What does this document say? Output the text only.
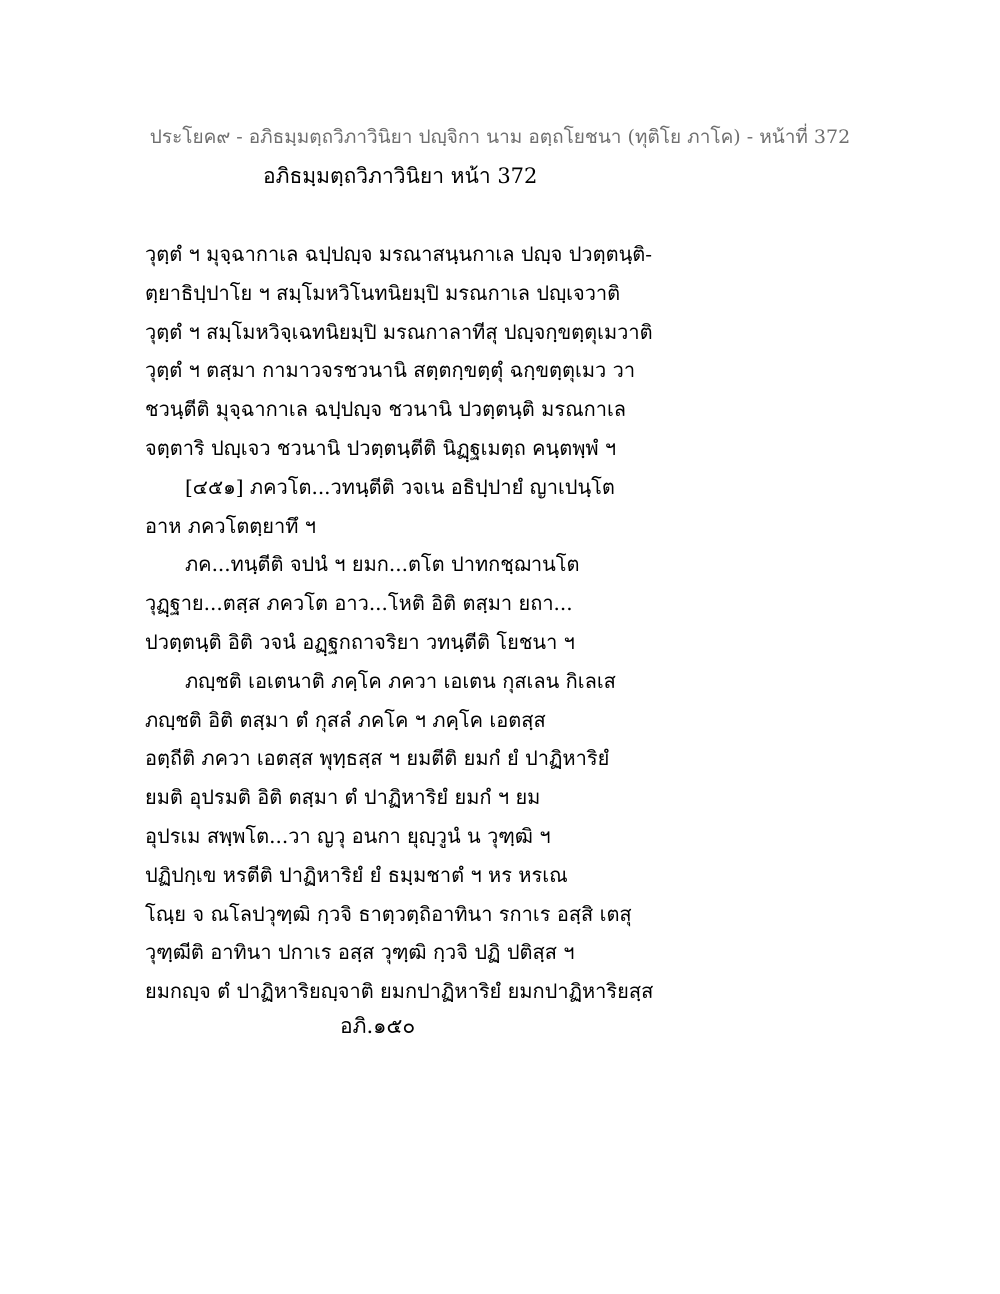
ประโยค๙ - อภิธมฺมตฺถวิภาวินิยา ปญฺจิกา นาม อตฺถโยชนา (ทุติโย ภาโค) - หน้าที่ 372
อภิธมฺมตฺถวิภาวินิยา หน้า 372
วุตฺตํ ฯ มุจฺฉากาเล ฉปฺปญฺจ มรณาสนฺนกาเล ปญฺจ ปวตฺตนฺติ-
ตฺยาธิปฺปาโย ฯ สมฺโมหวิโนทนิยมฺปิ มรณกาเล ปญฺเจวาติ
วุตฺตํ ฯ สมฺโมหวิจฺเฉทนิยมฺปิ มรณกาลาทีสุ ปญฺจกฺขตฺตุเมวาติ
วุตฺตํ ฯ ตสฺมา กามาวจรชวนานิ สตฺตกฺขตฺตุํ ฉกฺขตฺตุเมว วา
ชวนฺตีติ มุจฺฉากาเล ฉปฺปญฺจ ชวนานิ ปวตฺตนฺติ มรณกาเล
จตฺตาริ ปญฺเจว ชวนานิ ปวตฺตนฺตีติ นิฏฺฐเมตฺถ คนฺตพฺพํ ฯ
[๔๕๑] ภควโต...วทนฺตีติ วจเน อธิปฺปายํ ญาเปนฺโต
อาห ภควโตตฺยาทึ ฯ
ภค...ทนฺตีติ จปนํ ฯ ยมก...ตโต ปาทกชฺฌานโต
วุฏฺฐาย...ตสฺส ภควโต อาว...โหติ อิติ ตสฺมา ยถา...
ปวตฺตนฺติ อิติ วจนํ อฏฺฐกถาจริยา วทนฺตีติ โยชนา ฯ
ภญฺชติ เอเตนาติ ภคฺโค ภควา เอเตน กุสเลน กิเลเส
ภญฺชติ อิติ ตสฺมา ตํ กุสลํ ภคโค ฯ ภคฺโค เอตสฺส
อตฺถีติ ภควา เอตสฺส พุทฺธสฺส ฯ ยมตีติ ยมกํ ยํ ปาฏิหาริยํ
ยมติ อุปรมติ อิติ ตสฺมา ตํ ปาฏิหาริยํ ยมกํ ฯ ยม
อุปรเม สพฺพโต...วา ญวุ อนกา ยุญฺวูนํ น วุฑฺฒิ ฯ
ปฏิปกฺเข หรตีติ ปาฏิหาริยํ ยํ ธมฺมชาตํ ฯ หร หรเณ
โณฺย จ ณโลปวุฑฺฒิ กฺวจิ ธาตฺวตฺถิอาทินา รกาเร อสฺสิ เตสุ
วุฑฺฒีติ อาทินา ปกาเร อสฺส วุฑฺฒิ กฺวจิ ปฏิ ปติสฺส ฯ
ยมกญฺจ ตํ ปาฏิหาริยญฺจาติ ยมกปาฏิหาริยํ ยมกปาฏิหาริยสฺส
อภิ.๑๕๐
